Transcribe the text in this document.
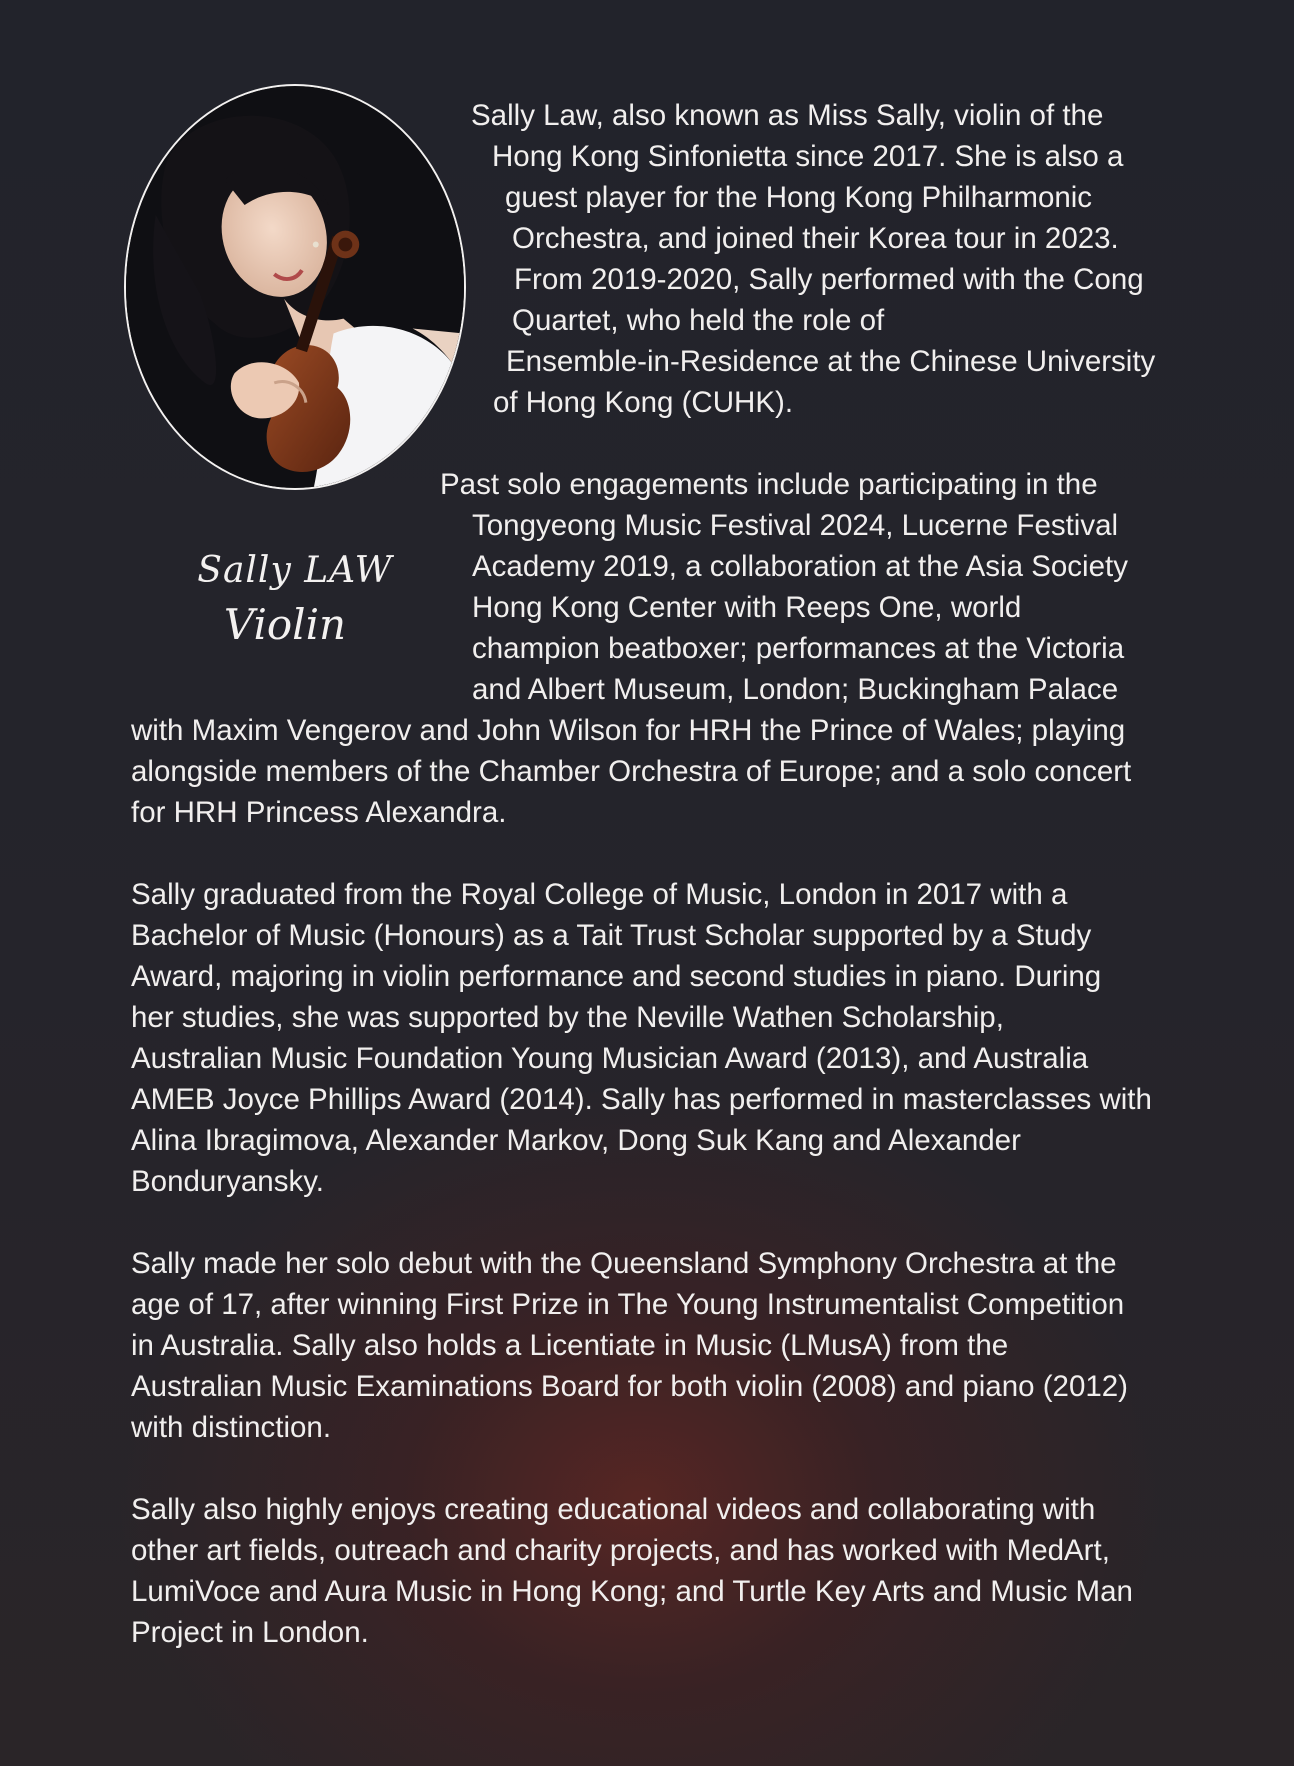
Sally LAW
Violin
Sally Law, also known as Miss Sally, violin of the
Hong Kong Sinfonietta since 2017. She is also a
guest player for the Hong Kong Philharmonic
Orchestra, and joined their Korea tour in 2023.
From 2019-2020, Sally performed with the Cong
Quartet, who held the role of
Ensemble-in-Residence at the Chinese University
of Hong Kong (CUHK).
Past solo engagements include participating in the
Tongyeong Music Festival 2024, Lucerne Festival
Academy 2019, a collaboration at the Asia Society
Hong Kong Center with Reeps One, world
champion beatboxer; performances at the Victoria
and Albert Museum, London; Buckingham Palace
with Maxim Vengerov and John Wilson for HRH the Prince of Wales; playing
alongside members of the Chamber Orchestra of Europe; and a solo concert
for HRH Princess Alexandra.
Sally graduated from the Royal College of Music, London in 2017 with a
Bachelor of Music (Honours) as a Tait Trust Scholar supported by a Study
Award, majoring in violin performance and second studies in piano. During
her studies, she was supported by the Neville Wathen Scholarship,
Australian Music Foundation Young Musician Award (2013), and Australia
AMEB Joyce Phillips Award (2014). Sally has performed in masterclasses with
Alina Ibragimova, Alexander Markov, Dong Suk Kang and Alexander
Bonduryansky.
Sally made her solo debut with the Queensland Symphony Orchestra at the
age of 17, after winning First Prize in The Young Instrumentalist Competition
in Australia. Sally also holds a Licentiate in Music (LMusA) from the
Australian Music Examinations Board for both violin (2008) and piano (2012)
with distinction.
Sally also highly enjoys creating educational videos and collaborating with
other art fields, outreach and charity projects, and has worked with MedArt,
LumiVoce and Aura Music in Hong Kong; and Turtle Key Arts and Music Man
Project in London.
